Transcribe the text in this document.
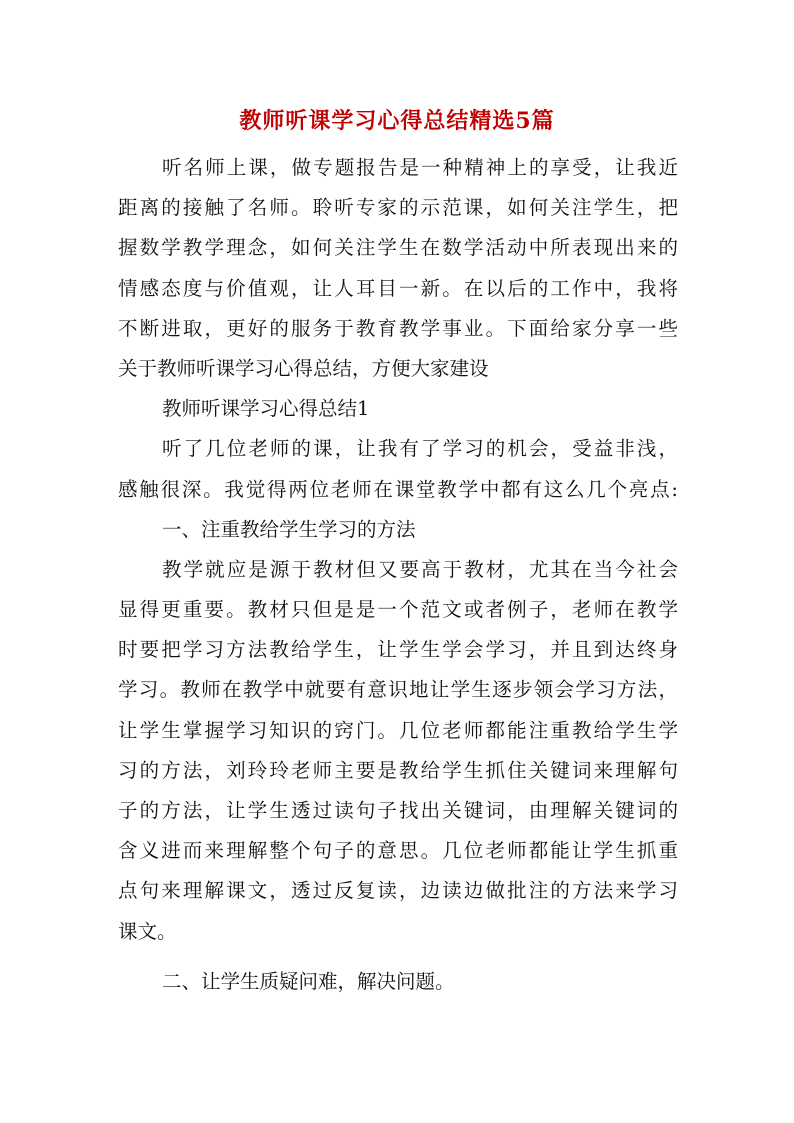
教师听课学习心得总结精选5篇
听名师上课，做专题报告是一种精神上的享受，让我近
距离的接触了名师。聆听专家的示范课，如何关注学生，把
握数学教学理念，如何关注学生在数学活动中所表现出来的
情感态度与价值观，让人耳目一新。在以后的工作中，我将
不断进取，更好的服务于教育教学事业。下面给家分享一些
关于教师听课学习心得总结，方便大家建设
教师听课学习心得总结1
听了几位老师的课，让我有了学习的机会，受益非浅，
感触很深。我觉得两位老师在课堂教学中都有这么几个亮点:
一、注重教给学生学习的方法
教学就应是源于教材但又要高于教材，尤其在当今社会
显得更重要。教材只但是是一个范文或者例子，老师在教学
时要把学习方法教给学生，让学生学会学习，并且到达终身
学习。教师在教学中就要有意识地让学生逐步领会学习方法，
让学生掌握学习知识的窍门。几位老师都能注重教给学生学
习的方法，刘玲玲老师主要是教给学生抓住关键词来理解句
子的方法，让学生透过读句子找出关键词，由理解关键词的
含义进而来理解整个句子的意思。几位老师都能让学生抓重
点句来理解课文，透过反复读，边读边做批注的方法来学习
课文。
二、让学生质疑问难，解决问题。
